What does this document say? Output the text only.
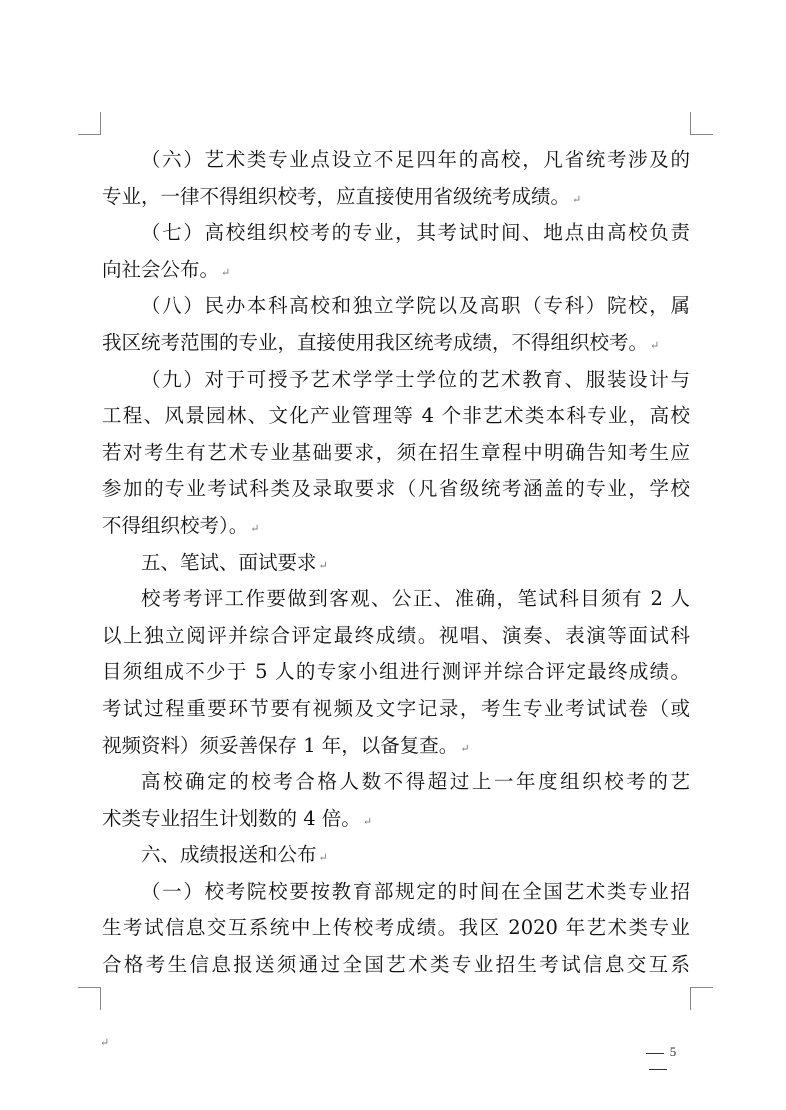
（六）艺术类专业点设立不足四年的高校，凡省统考涉及的
专业，一律不得组织校考，应直接使用省级统考成绩。 ↵
（七）高校组织校考的专业，其考试时间、地点由高校负责
向社会公布。 ↵
（八）民办本科高校和独立学院以及高职（专科）院校，属
我区统考范围的专业，直接使用我区统考成绩，不得组织校考。 ↵
（九）对于可授予艺术学学士学位的艺术教育、服装设计与
工程、风景园林、文化产业管理等 4 个非艺术类本科专业，高校
若对考生有艺术专业基础要求，须在招生章程中明确告知考生应
参加的专业考试科类及录取要求（凡省级统考涵盖的专业，学校
不得组织校考）。 ↵
五、笔试、面试要求 ↵
校考考评工作要做到客观、公正、准确，笔试科目须有 2 人
以上独立阅评并综合评定最终成绩。视唱、演奏、表演等面试科
目须组成不少于 5 人的专家小组进行测评并综合评定最终成绩。
考试过程重要环节要有视频及文字记录，考生专业考试试卷（或
视频资料）须妥善保存 1 年，以备复查。 ↵
高校确定的校考合格人数不得超过上一年度组织校考的艺
术类专业招生计划数的 4 倍。 ↵
六、成绩报送和公布 ↵
（一）校考院校要按教育部规定的时间在全国艺术类专业招
生考试信息交互系统中上传校考成绩。我区 2020 年艺术类专业
合格考生信息报送须通过全国艺术类专业招生考试信息交互系
↵
5
